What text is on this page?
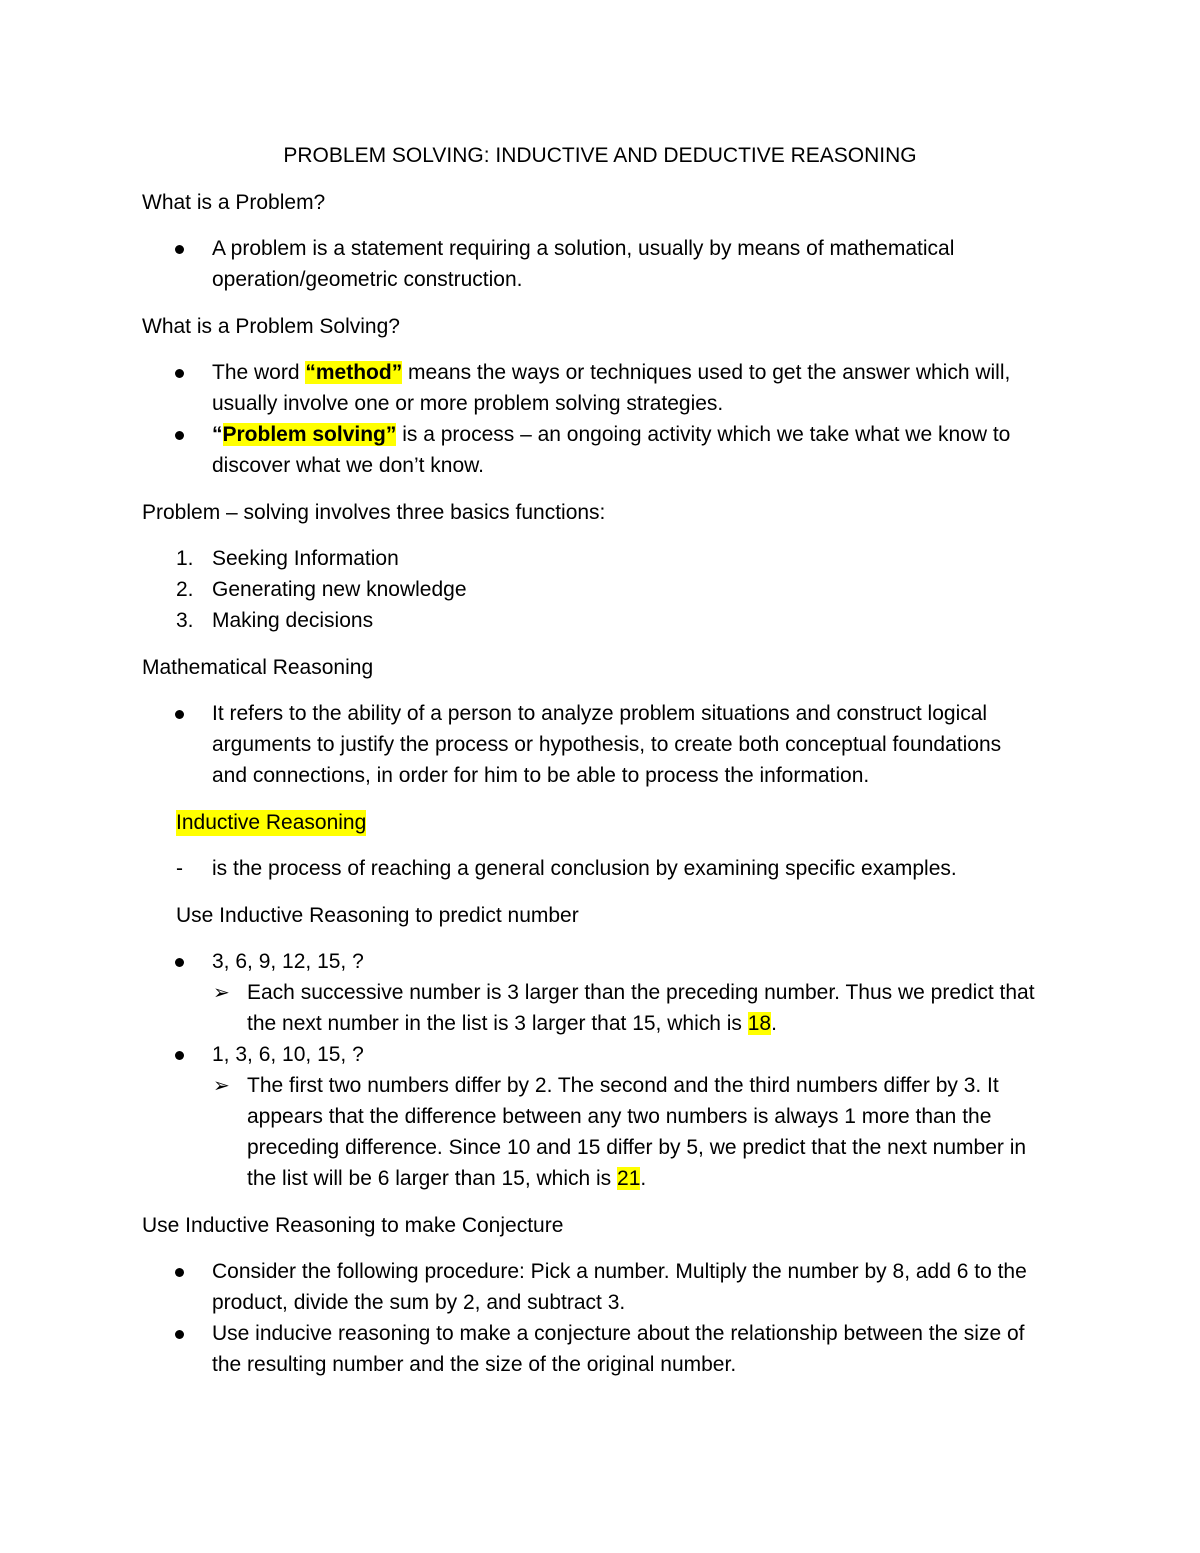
PROBLEM SOLVING: INDUCTIVE AND DEDUCTIVE REASONING
What is a Problem?
A problem is a statement requiring a solution, usually by means of mathematical
operation/geometric construction.
What is a Problem Solving?
The word “method” means the ways or techniques used to get the answer which will,
usually involve one or more problem solving strategies.
“Problem solving” is a process – an ongoing activity which we take what we know to
discover what we don’t know.
Problem – solving involves three basics functions:
1. Seeking Information
2. Generating new knowledge
3. Making decisions
Mathematical Reasoning
It refers to the ability of a person to analyze problem situations and construct logical
arguments to justify the process or hypothesis, to create both conceptual foundations
and connections, in order for him to be able to process the information.
Inductive Reasoning
- is the process of reaching a general conclusion by examining specific examples.
Use Inductive Reasoning to predict number
3, 6, 9, 12, 15, ?
➢ Each successive number is 3 larger than the preceding number. Thus we predict that
the next number in the list is 3 larger that 15, which is 18.
1, 3, 6, 10, 15, ?
➢ The first two numbers differ by 2. The second and the third numbers differ by 3. It
appears that the difference between any two numbers is always 1 more than the
preceding difference. Since 10 and 15 differ by 5, we predict that the next number in
the list will be 6 larger than 15, which is 21.
Use Inductive Reasoning to make Conjecture
Consider the following procedure: Pick a number. Multiply the number by 8, add 6 to the
product, divide the sum by 2, and subtract 3.
Use inducive reasoning to make a conjecture about the relationship between the size of
the resulting number and the size of the original number.
